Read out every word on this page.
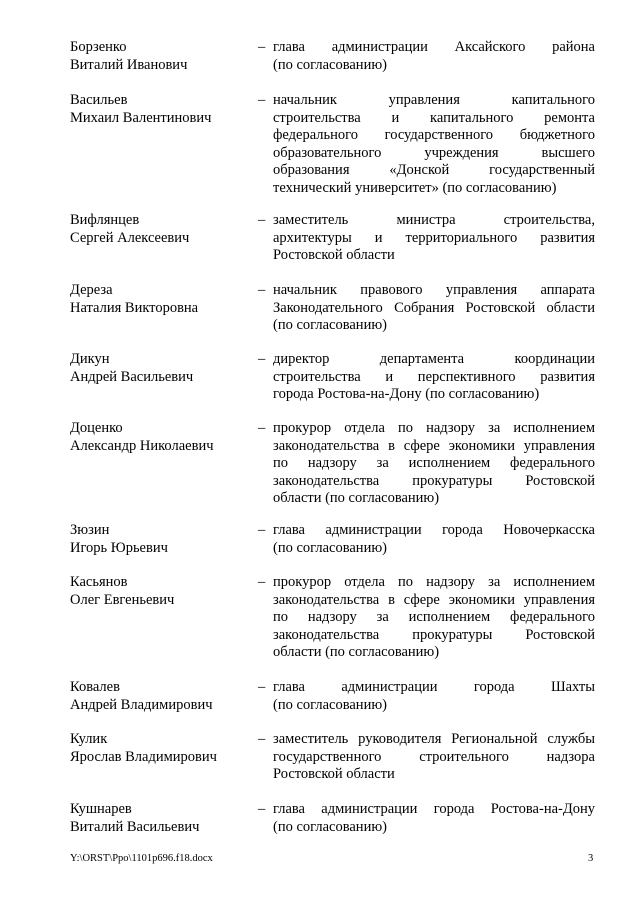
Борзенко
Виталий Иванович
– глава администрации Аксайского района
(по согласованию)
Васильев
Михаил Валентинович
– начальник управления капитального
строительства и капитального ремонта
федерального государственного бюджетного
образовательного учреждения высшего
образования «Донской государственный
технический университет» (по согласованию)
Вифлянцев
Сергей Алексеевич
– заместитель министра строительства,
архитектуры и территориального развития
Ростовской области
Дереза
Наталия Викторовна
– начальник правового управления аппарата
Законодательного Собрания Ростовской области
(по согласованию)
Дикун
Андрей Васильевич
– директор департамента координации
строительства и перспективного развития
города Ростова-на-Дону (по согласованию)
Доценко
Александр Николаевич
– прокурор отдела по надзору за исполнением
законодательства в сфере экономики управления
по надзору за исполнением федерального
законодательства прокуратуры Ростовской
области (по согласованию)
Зюзин
Игорь Юрьевич
– глава администрации города Новочеркасска
(по согласованию)
Касьянов
Олег Евгеньевич
– прокурор отдела по надзору за исполнением
законодательства в сфере экономики управления
по надзору за исполнением федерального
законодательства прокуратуры Ростовской
области (по согласованию)
Ковалев
Андрей Владимирович
– глава администрации города Шахты
(по согласованию)
Кулик
Ярослав Владимирович
– заместитель руководителя Региональной службы
государственного строительного надзора
Ростовской области
Кушнарев
Виталий Васильевич
– глава администрации города Ростова-на-Дону
(по согласованию)
Y:\ORST\Ppo\1101p696.f18.docx	3
